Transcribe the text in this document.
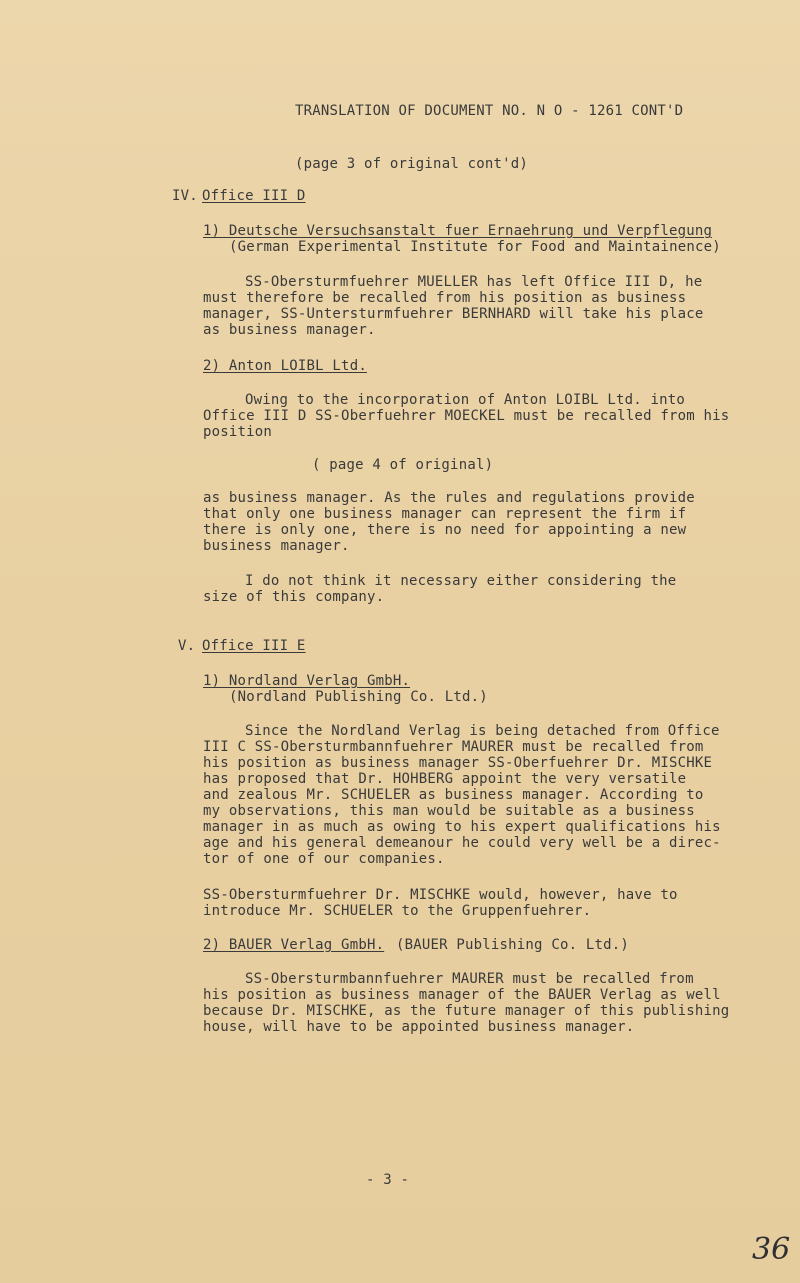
TRANSLATION OF DOCUMENT NO. N O - 1261 CONT'D
(page 3 of original cont'd)
IV. Office III D
1) Deutsche Versuchsanstalt fuer Ernaehrung und Verpflegung
(German Experimental Institute for Food and Maintainence)
SS-Obersturmfuehrer MUELLER has left Office III D, he
must therefore be recalled from his position as business
manager, SS-Untersturmfuehrer BERNHARD will take his place
as business manager.
2) Anton LOIBL Ltd.
Owing to the incorporation of Anton LOIBL Ltd. into
Office III D SS-Oberfuehrer MOECKEL must be recalled from his
position
( page 4 of original)
as business manager. As the rules and regulations provide
that only one business manager can represent the firm if
there is only one, there is no need for appointing a new
business manager.
I do not think it necessary either considering the
size of this company.
V. Office III E
1) Nordland Verlag GmbH.
(Nordland Publishing Co. Ltd.)
Since the Nordland Verlag is being detached from Office
III C SS-Obersturmbannfuehrer MAURER must be recalled from
his position as business manager SS-Oberfuehrer Dr. MISCHKE
has proposed that Dr. HOHBERG appoint the very versatile
and zealous Mr. SCHUELER as business manager. According to
my observations, this man would be suitable as a business
manager in as much as owing to his expert qualifications his
age and his general demeanour he could very well be a direc-
tor of one of our companies.
SS-Obersturmfuehrer Dr. MISCHKE would, however, have to
introduce Mr. SCHUELER to the Gruppenfuehrer.
2) BAUER Verlag GmbH. (BAUER Publishing Co. Ltd.)
SS-Obersturmbannfuehrer MAURER must be recalled from
his position as business manager of the BAUER Verlag as well
because Dr. MISCHKE, as the future manager of this publishing
house, will have to be appointed business manager.
- 3 -
36
